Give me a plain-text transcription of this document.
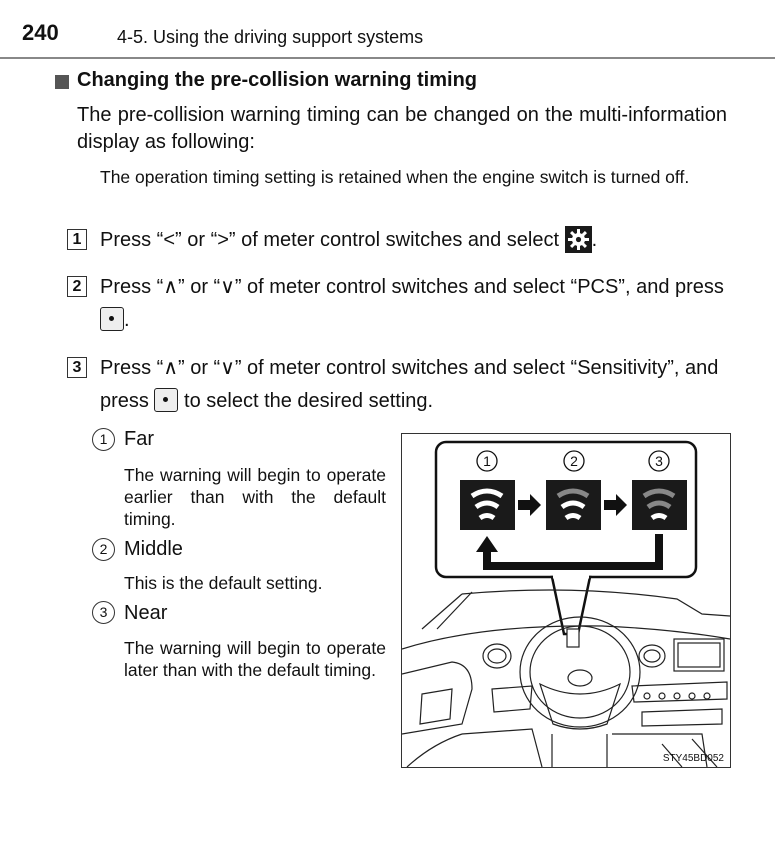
240	4-5. Using the driving support systems
Changing the pre-collision warning timing
The pre-collision warning timing can be changed on the multi-information display as following:
The operation timing setting is retained when the engine switch is turned off.
1 Press “<” or “>” of meter control switches and select .
2 Press “∧” or “∨” of meter control switches and select “PCS”, and press .
3 Press “∧” or “∨” of meter control switches and select “Sensitivity”, and press  to select the desired setting.
1 Far
The warning will begin to operate earlier than with the default timing.
2 Middle
This is the default setting.
3 Near
The warning will begin to operate later than with the default timing.
1	2	3
STY45BD052
